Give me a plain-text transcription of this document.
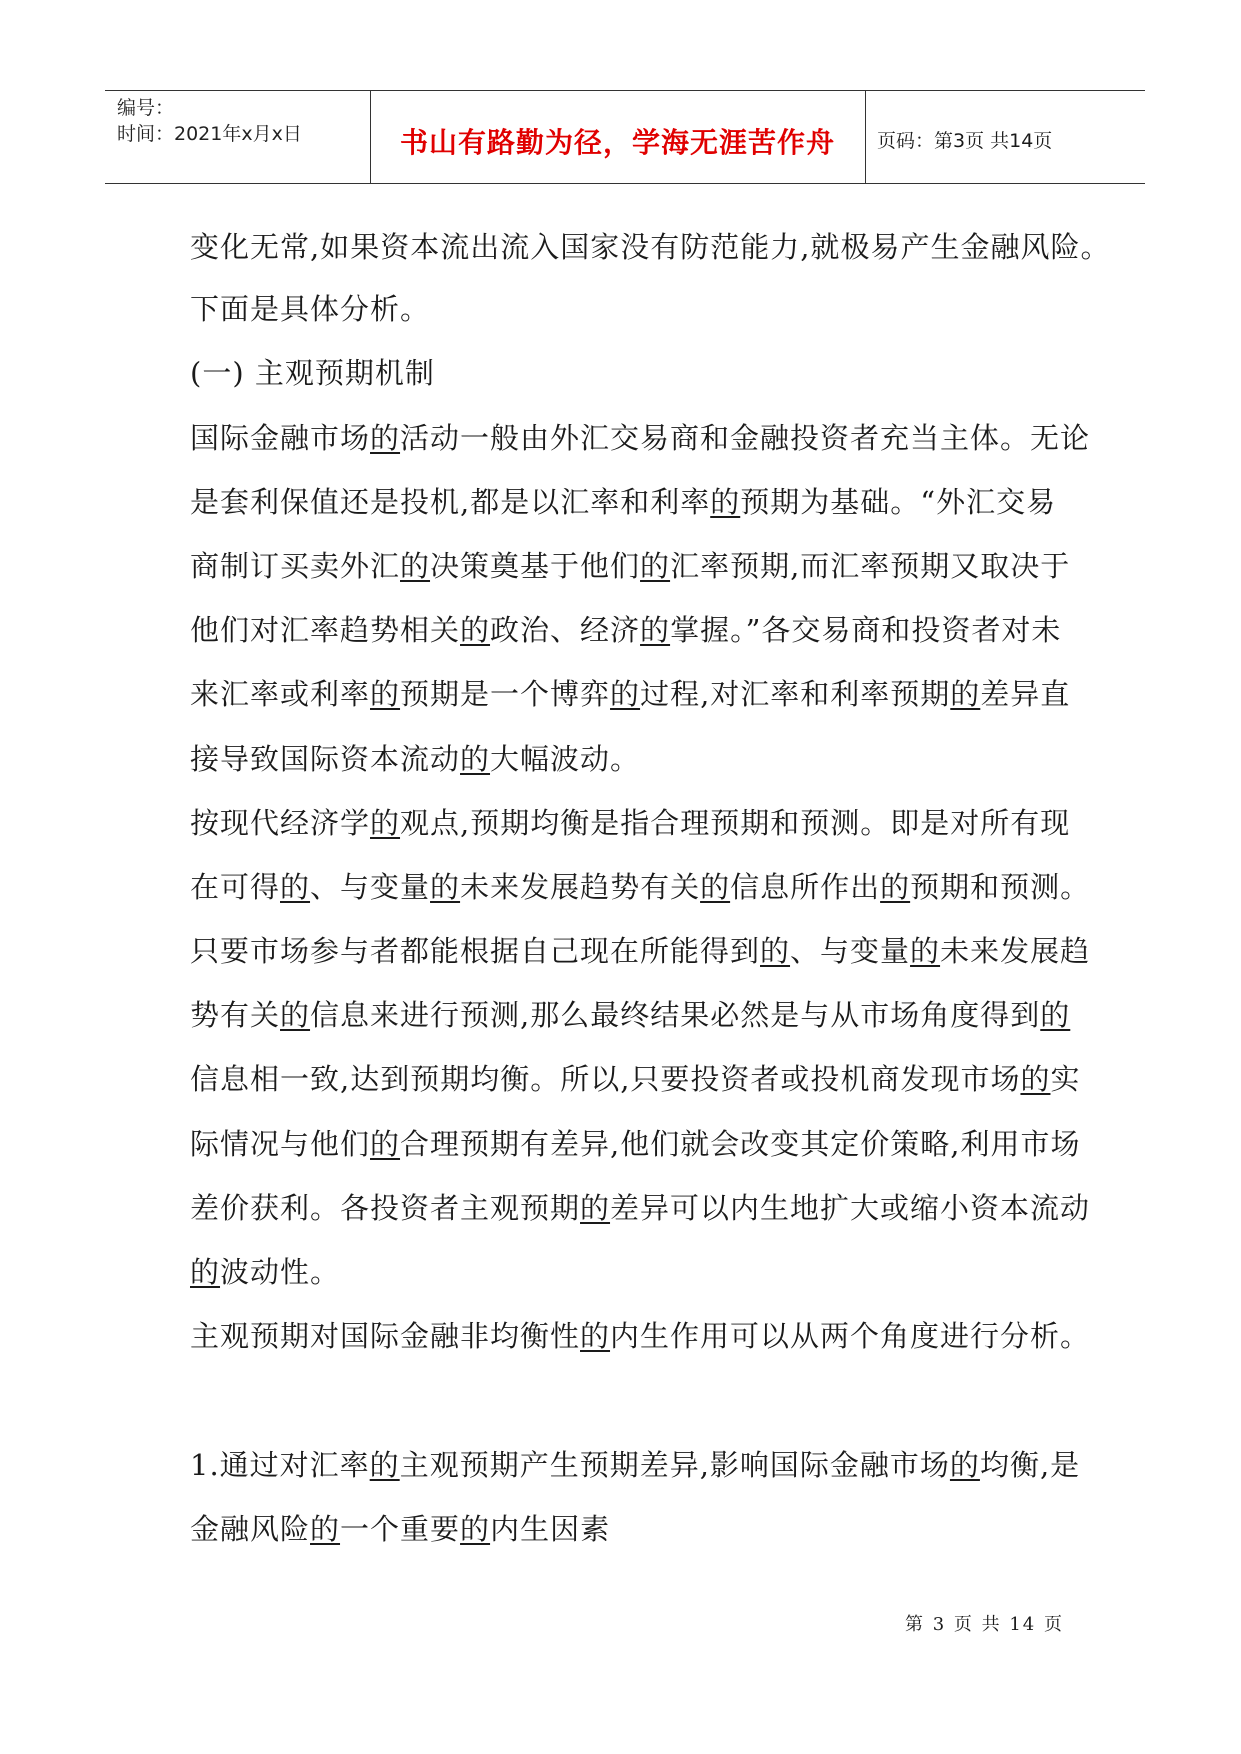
编号：
时间：2021年x月x日	书山有路勤为径，学海无涯苦作舟	页码：第3页 共14页
变化无常,如果资本流出流入国家没有防范能力,就极易产生金融风险。
下面是具体分析。
(一) 主观预期机制
国际金融市场的活动一般由外汇交易商和金融投资者充当主体。无论
是套利保值还是投机,都是以汇率和利率的预期为基础。“外汇交易
商制订买卖外汇的决策奠基于他们的汇率预期,而汇率预期又取决于
他们对汇率趋势相关的政治、经济的掌握。”各交易商和投资者对未
来汇率或利率的预期是一个博弈的过程,对汇率和利率预期的差异直
接导致国际资本流动的大幅波动。
按现代经济学的观点,预期均衡是指合理预期和预测。即是对所有现
在可得的、与变量的未来发展趋势有关的信息所作出的预期和预测。
只要市场参与者都能根据自己现在所能得到的、与变量的未来发展趋
势有关的信息来进行预测,那么最终结果必然是与从市场角度得到的
信息相一致,达到预期均衡。所以,只要投资者或投机商发现市场的实
际情况与他们的合理预期有差异,他们就会改变其定价策略,利用市场
差价获利。各投资者主观预期的差异可以内生地扩大或缩小资本流动
的波动性。
主观预期对国际金融非均衡性的内生作用可以从两个角度进行分析。
1.通过对汇率的主观预期产生预期差异,影响国际金融市场的均衡,是
金融风险的一个重要的内生因素
第 3 页 共 14 页
